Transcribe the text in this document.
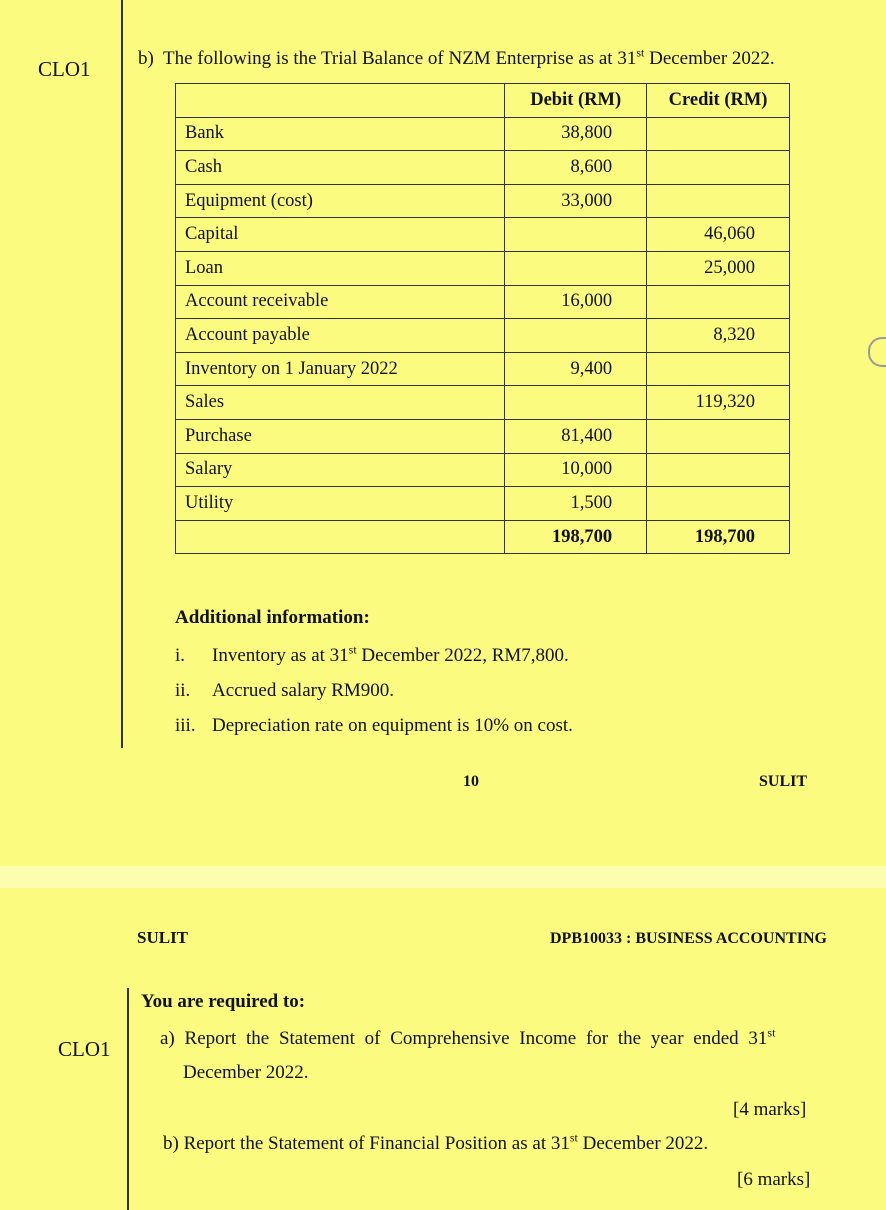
CLO1	b) The following is the Trial Balance of NZM Enterprise as at 31st December 2022.
	Debit (RM)	Credit (RM)
Bank	38,800	
Cash	8,600	
Equipment (cost)	33,000	
Capital		46,060
Loan		25,000
Account receivable	16,000	
Account payable		8,320
Inventory on 1 January 2022	9,400	
Sales		119,320
Purchase	81,400	
Salary	10,000	
Utility	1,500	
	198,700	198,700
Additional information:
i. Inventory as at 31st December 2022, RM7,800.
ii. Accrued salary RM900.
iii. Depreciation rate on equipment is 10% on cost.
10	SULIT
SULIT	DPB10033 : BUSINESS ACCOUNTING
CLO1
You are required to:
a) Report the Statement of Comprehensive Income for the year ended 31st
December 2022.
[4 marks]
b) Report the Statement of Financial Position as at 31st December 2022.
[6 marks]
